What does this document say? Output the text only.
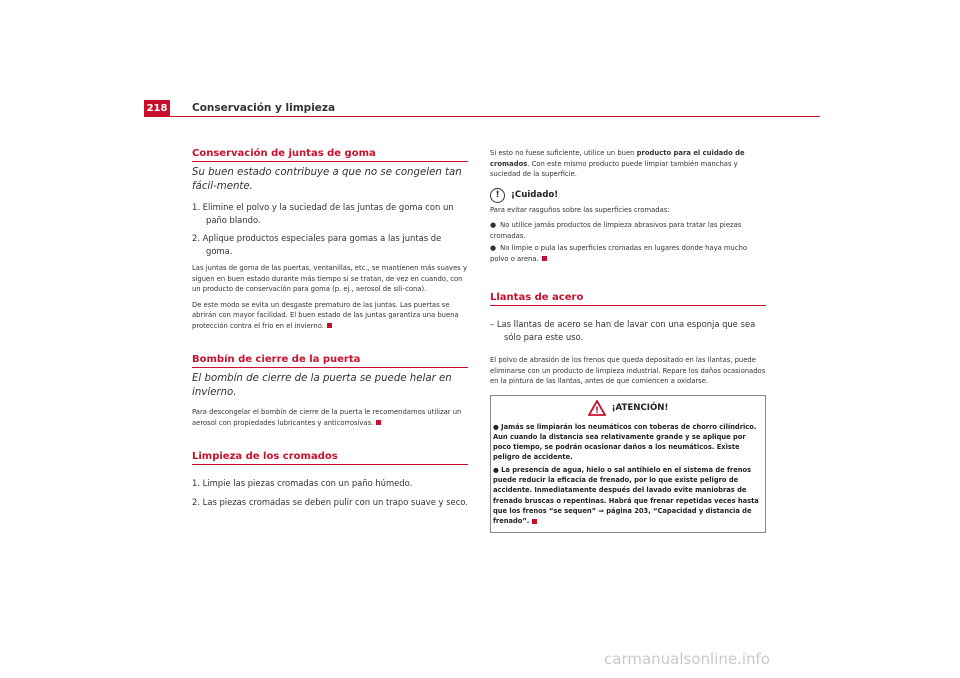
218 Conservación y limpieza
Conservación de juntas de goma
Su buen estado contribuye a que no se congelen tan fácil-mente.
1. Elimine el polvo y la suciedad de las juntas de goma con un paño blando.
2. Aplique productos especiales para gomas a las juntas de goma.
Las juntas de goma de las puertas, ventanillas, etc., se mantienen más suaves y siguen en buen estado durante más tiempo si se tratan, de vez en cuando, con un producto de conservación para goma (p. ej., aerosol de sili-cona).
De este modo se evita un desgaste prematuro de las juntas. Las puertas se abrirán con mayor facilidad. El buen estado de las juntas garantiza una buena protección contra el frío en el invierno.
Bombín de cierre de la puerta
El bombín de cierre de la puerta se puede helar en invierno.
Para descongelar el bombín de cierre de la puerta le recomendamos utilizar un aerosol con propiedades lubricantes y anticorrosivas.
Limpieza de los cromados
1. Limpie las piezas cromadas con un paño húmedo.
2. Las piezas cromadas se deben pulir con un trapo suave y seco.
Si esto no fuese suficiente, utilice un buen producto para el cuidado de cromados. Con este mismo producto puede limpiar también manchas y suciedad de la superficie.
!	¡Cuidado!
Para evitar rasguños sobre las superficies cromadas:
● No utilice jamás productos de limpieza abrasivos para tratar las piezas cromadas.
● No limpie o pula las superficies cromadas en lugares donde haya mucho polvo o arena.
Llantas de acero
– Las llantas de acero se han de lavar con una esponja que sea sólo para este uso.
El polvo de abrasión de los frenos que queda depositado en las llantas, puede eliminarse con un producto de limpieza industrial. Repare los daños ocasionados en la pintura de las llantas, antes de que comiencen a oxidarse.
! ¡ATENCIÓN!
● Jamás se limpiarán los neumáticos con toberas de chorro cilíndrico. Aun cuando la distancia sea relativamente grande y se aplique por poco tiempo, se podrán ocasionar daños a los neumáticos. Existe peligro de accidente.
● La presencia de agua, hielo o sal antihielo en el sistema de frenos puede reducir la eficacia de frenado, por lo que existe peligro de accidente. Inmediatamente después del lavado evite maniobras de frenado bruscas o repentinas. Habrá que frenar repetidas veces hasta que los frenos “se sequen” ⇒ página 203, “Capacidad y distancia de frenado”.
carmanualsonline.info
